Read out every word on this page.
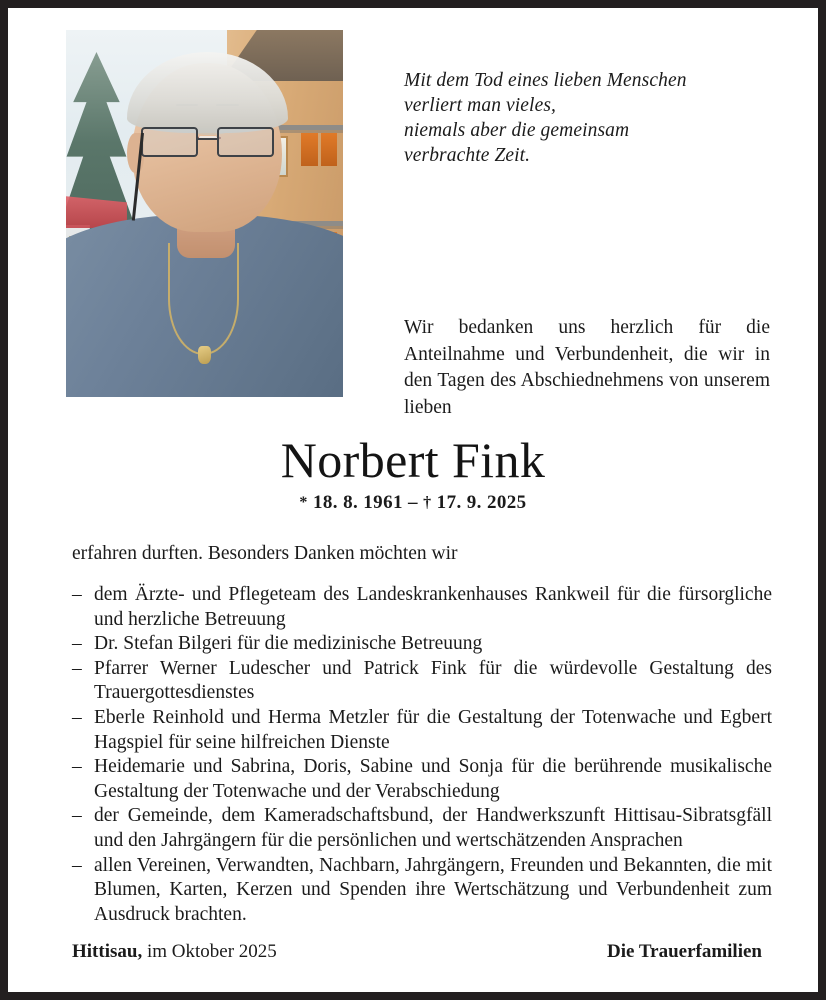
Mit dem Tod eines lieben Menschen
verliert man vieles,
niemals aber die gemeinsam
verbrachte Zeit.
Wir bedanken uns herzlich für die Anteilnahme und Verbundenheit, die wir in den Tagen des Abschiednehmens von unserem lieben
Norbert Fink
* 18. 8. 1961 – † 17. 9. 2025
erfahren durften. Besonders Danken möchten wir
– dem Ärzte- und Pflegeteam des Landeskrankenhauses Rankweil für die fürsorgliche und herzliche Betreuung
– Dr. Stefan Bilgeri für die medizinische Betreuung
– Pfarrer Werner Ludescher und Patrick Fink für die würdevolle Gestaltung des Trauergottesdienstes
– Eberle Reinhold und Herma Metzler für die Gestaltung der Totenwache und Egbert Hagspiel für seine hilfreichen Dienste
– Heidemarie und Sabrina, Doris, Sabine und Sonja für die berührende musikalische Gestaltung der Totenwache und der Verabschiedung
– der Gemeinde, dem Kameradschaftsbund, der Handwerkszunft Hittisau-Sibratsgfäll und den Jahrgängern für die persönlichen und wertschätzenden Ansprachen
– allen Vereinen, Verwandten, Nachbarn, Jahrgängern, Freunden und Bekannten, die mit Blumen, Karten, Kerzen und Spenden ihre Wertschätzung und Verbundenheit zum Ausdruck brachten.
Hittisau, im Oktober 2025	Die Trauerfamilien
